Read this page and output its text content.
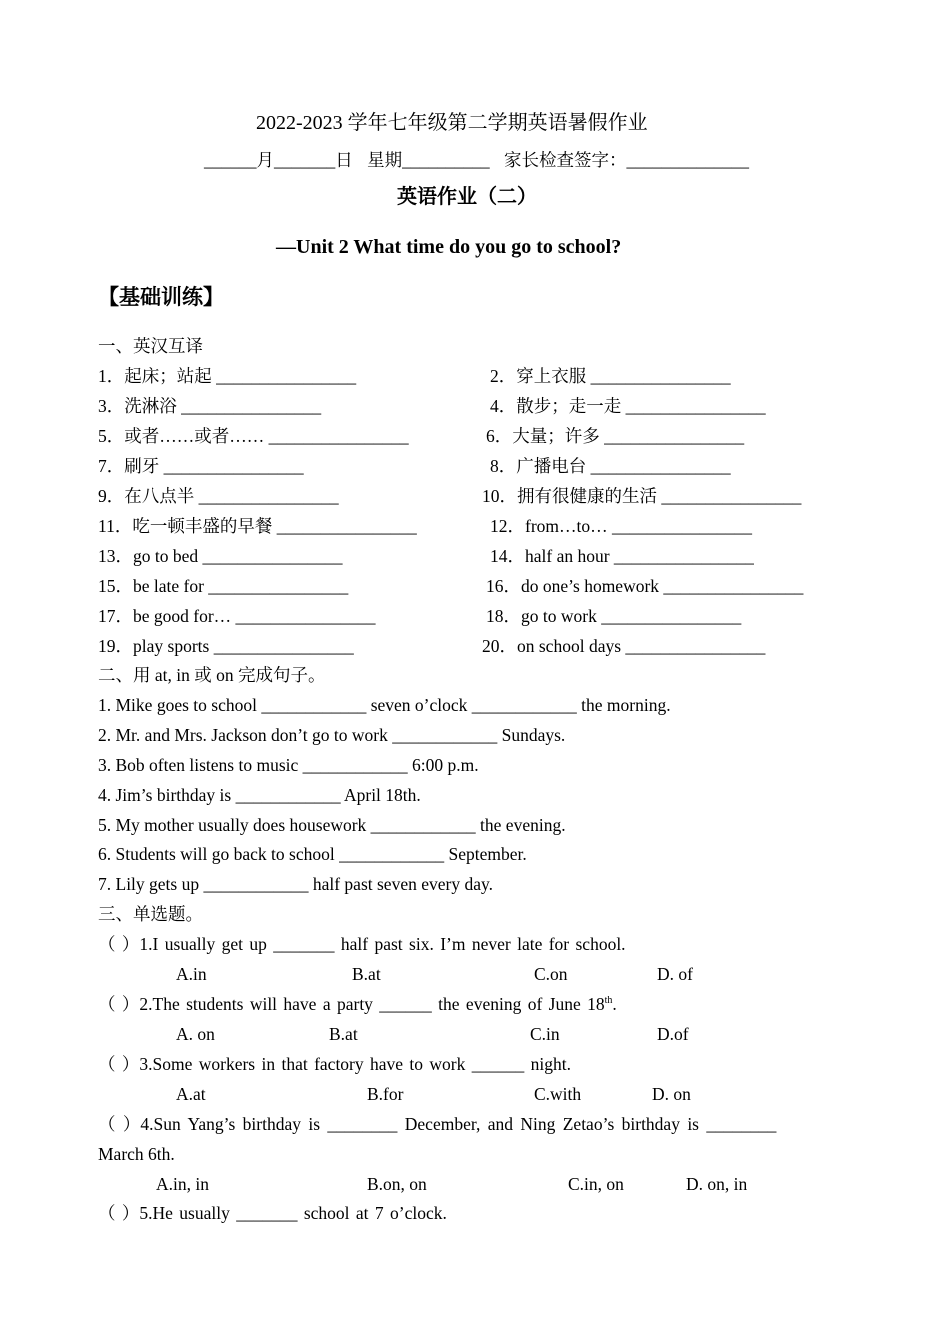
2022-2023 学年七年级第二学期英语暑假作业
______月_______日 星期__________ 家长检查签字：______________
英语作业（二）
—Unit 2 What time do you go to school?
【基础训练】
一、英汉互译
1．起床；站起 ________________	2．穿上衣服 ________________
3．洗淋浴 ________________	4．散步；走一走 ________________
5．或者……或者…… ________________	6．大量；许多 ________________
7．刷牙 ________________	8．广播电台 ________________
9．在八点半 ________________	10．拥有很健康的生活 ________________
11．吃一顿丰盛的早餐 ________________	12．from…to… ________________
13．go to bed ________________	14．half an hour ________________
15．be late for ________________	16．do one’s homework ________________
17．be good for… ________________	18．go to work ________________
19．play sports ________________	20．on school days ________________
二、用 at, in 或 on 完成句子。
1. Mike goes to school ____________ seven o’clock ____________ the morning.
2. Mr. and Mrs. Jackson don’t go to work ____________ Sundays.
3. Bob often listens to music ____________ 6:00 p.m.
4. Jim’s birthday is ____________ April 18th.
5. My mother usually does housework ____________ the evening.
6. Students will go back to school ____________ September.
7. Lily gets up ____________ half past seven every day.
三、单选题。
（ ）1.I usually get up _______ half past six. I’m never late for school.
A.in	B.at	C.on	D. of
（ ）2.The students will have a party ______ the evening of June 18th.
A. on	B.at	C.in	D.of
（ ）3.Some workers in that factory have to work ______ night.
A.at	B.for	C.with	D. on
（ ）4.Sun Yang’s birthday is ________ December, and Ning Zetao’s birthday is ________
March 6th.
A.in, in	B.on, on	C.in, on	D. on, in
（ ）5.He usually _______ school at 7 o’clock.
